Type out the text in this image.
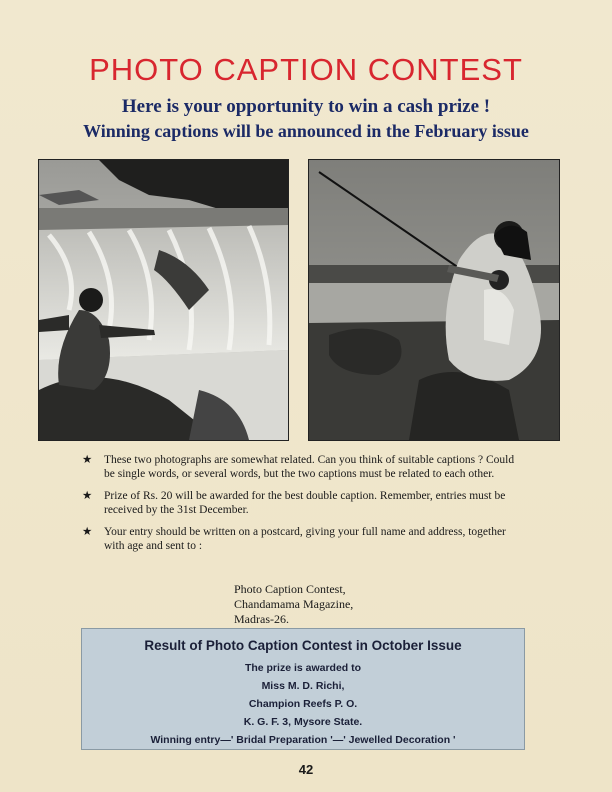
PHOTO CAPTION CONTEST
Here is your opportunity to win a cash prize !
Winning captions will be announced in the February issue
★ These two photographs are somewhat related. Can you think of suitable captions ? Could be single words, or several words, but the two captions must be related to each other.
★ Prize of Rs. 20 will be awarded for the best double caption. Remember, entries must be received by the 31st December.
★ Your entry should be written on a postcard, giving your full name and address, together with age and sent to :
Photo Caption Contest,
Chandamama Magazine,
Madras-26.
Result of Photo Caption Contest in October Issue
The prize is awarded to
Miss M. D. Richi,
Champion Reefs P. O.
K. G. F. 3, Mysore State.
Winning entry—' Bridal Preparation '—' Jewelled Decoration '
42
